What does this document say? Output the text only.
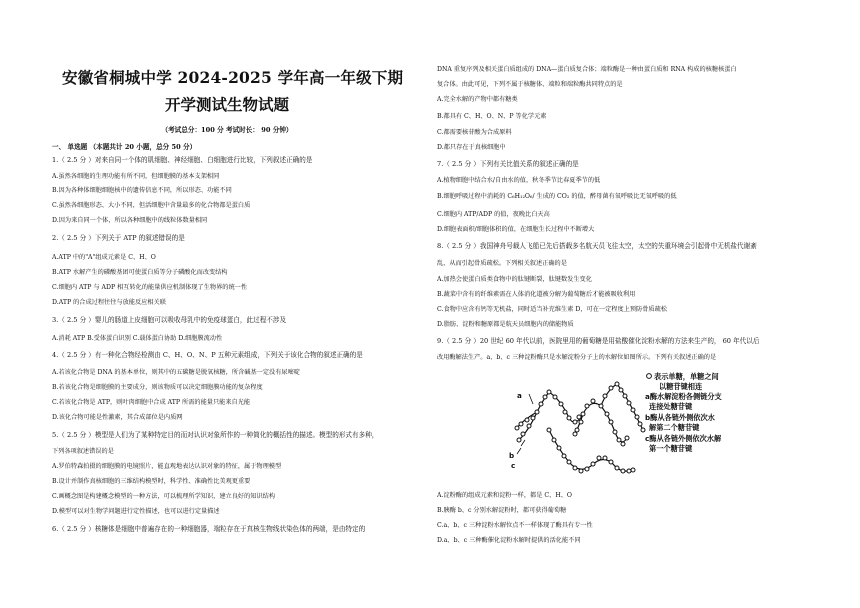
安徽省桐城中学 2024-2025 学年高一年级下期
开学测试生物试题
（考试总分：100 分 考试时长： 90 分钟）
一、 单选题 （本题共计 20 小题，总分 50 分）
1.（ 2.5 分 ）对来自同一个体的肌细胞、神经细胞、白细胞进行比较，下列叙述正确的是
A.虽然各细胞的生理功能有所不同，但细胞膜的基本支架相同
B.因为各种体细胞细胞核中的遗传信息不同，所以形态、功能不同
C.虽然各细胞形态、大小不同，但活细胞中含量最多的化合物都是蛋白质
D.因为来自同一个体，所以各种细胞中的线粒体数量相同
2.（ 2.5 分 ）下列关于 ATP 的叙述错误的是
A.ATP 中的"A"组成元素是 C、H、O
B.ATP 水解产生的磷酸基团可使蛋白质等分子磷酸化而改变结构
C.细胞内 ATP 与 ADP 相互转化的能量供应机制体现了生物界的统一性
D.ATP 的合成过程往往与放能反应相关联
3.（ 2.5 分 ）婴儿的肠道上皮细胞可以吸收母乳中的免疫球蛋白，此过程不涉及
A.消耗 ATP B.受体蛋白识别 C.载体蛋白协助 D.细胞膜流动性
4.（ 2.5 分 ）有一种化合物经检测由 C、H、O、N、P 五种元素组成，下列关于该化合物的叙述正确的是
A.若该化合物是 DNA 的基本单位，则其中的五碳糖是脱氧核糖，所含碱基一定没有尿嘧啶
B.若该化合物是细胞膜的主要成分，则该物质可以决定细胞膜功能的复杂程度
C.若该化合物是 ATP，则叶肉细胞中合成 ATP 所需的能量只能来自光能
D.该化合物可能是性激素，其合成部位是内质网
5.（ 2.5 分 ）模型是人们为了某种特定目的而对认识对象所作的一种简化的概括性的描述。模型的形式有多种，
下列各项叙述错误的是
A.罗伯特森拍摄的细胞膜的电镜照片，能直观地表达认识对象的特征，属于物理模型
B.设计并制作真核细胞的三维结构模型时，科学性、准确性比美观更重要
C.画概念图是构建概念模型的一种方法，可以梳理所学知识，建立良好的知识结构
D.模型可以对生物学问题进行定性描述，也可以进行定量描述
6.（ 2.5 分 ）核糖体是细胞中普遍存在的一种细胞器，端粒存在于真核生物线状染色体的两端，是由特定的
DNA 重复序列及相关蛋白质组成的 DNA—蛋白质复合体；端粒酶是一种由蛋白质和 RNA 构成的核糖核蛋白
复合体。由此可见，下列不属于核糖体、端粒和端粒酶共同特点的是
A.完全水解的产物中都有糖类
B.都具有 C、H、O、N、P 等化学元素
C.都需要核苷酸为合成原料
D.都只存在于真核细胞中
7.（ 2.5 分 ）下列有关比值关系的叙述正确的是
A.植物细胞中结合水/自由水的值，秋冬季节比春夏季节的低
B.细胞呼吸过程中消耗的 C₆H₁₂O₆/ 生成的 CO₂ 的值，醉母菌有氧呼吸比无氧呼吸的低
C.细胞内 ATP/ADP 的值，夜晚比白天高
D.细胞表面积/细胞体积的值，在细胞生长过程中不断增大
8.（ 2.5 分 ）我国神舟号载人飞船已先后搭载多名航天员飞往太空，太空的失重环境会引起骨中无机盐代谢紊
乱，从而引起骨质疏松。下列相关叙述正确的是
A.加热会使蛋白质类食物中的肽键断裂，肽键数发生变化
B.蔬菜中含有的纤维素需在人体消化道被分解为葡萄糖后才能被吸收利用
C.食物中应含有钙等无机盐，同时适当补充维生素 D，可在一定程度上预防骨质疏松
D.脂肪、淀粉和糖原都是航天员细胞内的储能物质
9.（ 2.5 分 ）20 世纪 60 年代以前，医院里用的葡萄糖是用盐酸催化淀粉水解的方法来生产的， 60 年代以后
改用酶解法生产。a、b、c 三种淀粉酶只是水解淀粉分子上的水解位如图所示。下列有关叙述正确的是
A.淀粉酶的组成元素和淀粉一样，都是 C、H、O
B.胰酶 b、c 分别水解淀粉时，都可获得葡萄糖
C.a、b、c 三种淀粉水解位点不一样体现了酶具有专一性
D.a、b、c 三种酶催化淀粉水解时提供的活化能不同
a
b
c
表示单糖，单糖之间
以糖苷键相连
a酶水解淀粉各侧链分支
连接处糖苷键
b酶从各链外侧依次水
解第二个糖苷键
c酶从各链外侧依次水解
第一个糖苷键
